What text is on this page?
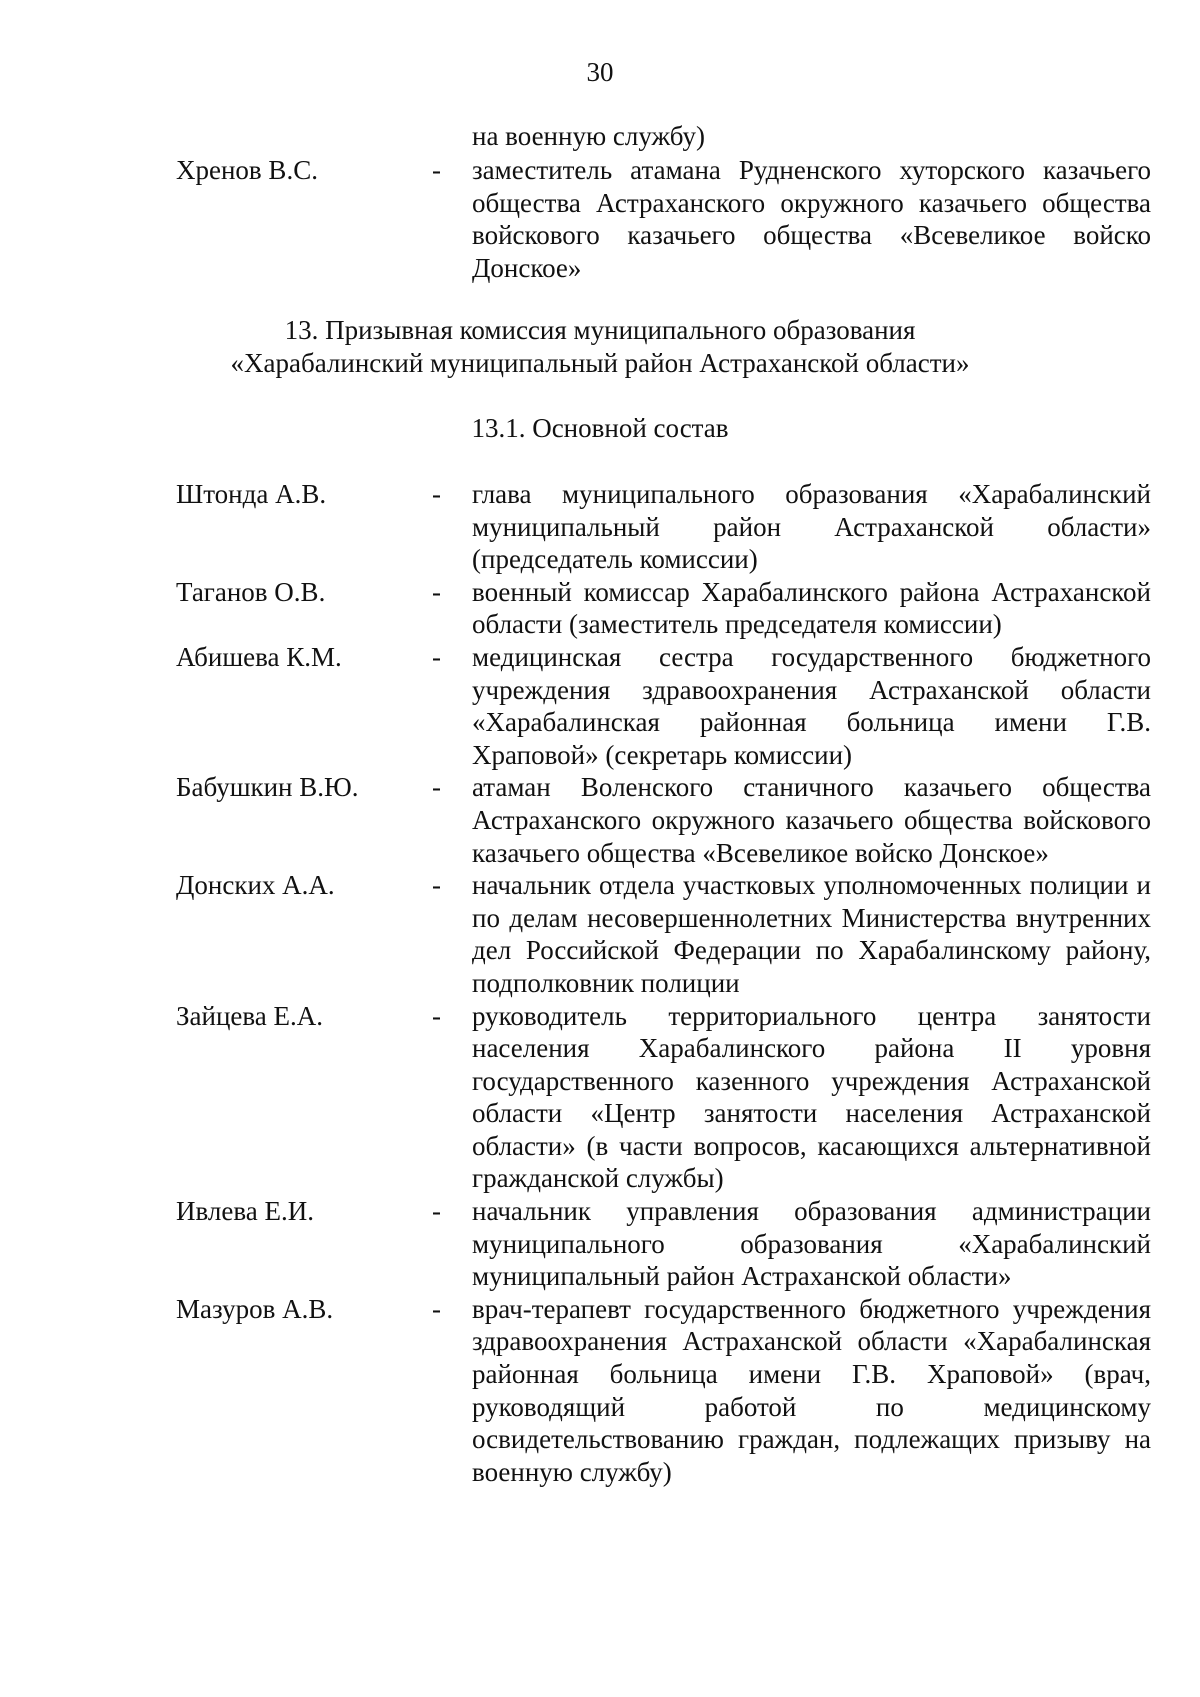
30
на военную службу)
Хренов В.С.	- заместитель атамана Рудненского хуторского казачьего общества Астраханского окружного казачьего общества войскового казачьего общества «Всевеликое войско Донское»
13. Призывная комиссия муниципального образования
«Харабалинский муниципальный район Астраханской области»
13.1. Основной состав
Штонда А.В.	- глава муниципального образования «Харабалинский муниципальный район Астраханской области» (председатель комиссии)
Таганов О.В.	- военный комиссар Харабалинского района Астраханской области (заместитель председателя комиссии)
Абишева К.М.	- медицинская сестра государственного бюджетного учреждения здравоохранения Астраханской области «Харабалинская районная больница имени Г.В. Храповой» (секретарь комиссии)
Бабушкин В.Ю.	- атаман Воленского станичного казачьего общества Астраханского окружного казачьего общества войскового казачьего общества «Всевеликое войско Донское»
Донских А.А.	- начальник отдела участковых уполномоченных полиции и по делам несовершеннолетних Министерства внутренних дел Российской Федерации по Харабалинскому району, подполковник полиции
Зайцева Е.А.	- руководитель территориального центра занятости населения Харабалинского района II уровня государственного казенного учреждения Астраханской области «Центр занятости населения Астраханской области» (в части вопросов, касающихся альтернативной гражданской службы)
Ивлева Е.И.	- начальник управления образования администрации муниципального образования «Харабалинский муниципальный район Астраханской области»
Мазуров А.В.	- врач-терапевт государственного бюджетного учреждения здравоохранения Астраханской области «Харабалинская районная больница имени Г.В. Храповой» (врач, руководящий работой по медицинскому освидетельствованию граждан, подлежащих призыву на военную службу)
